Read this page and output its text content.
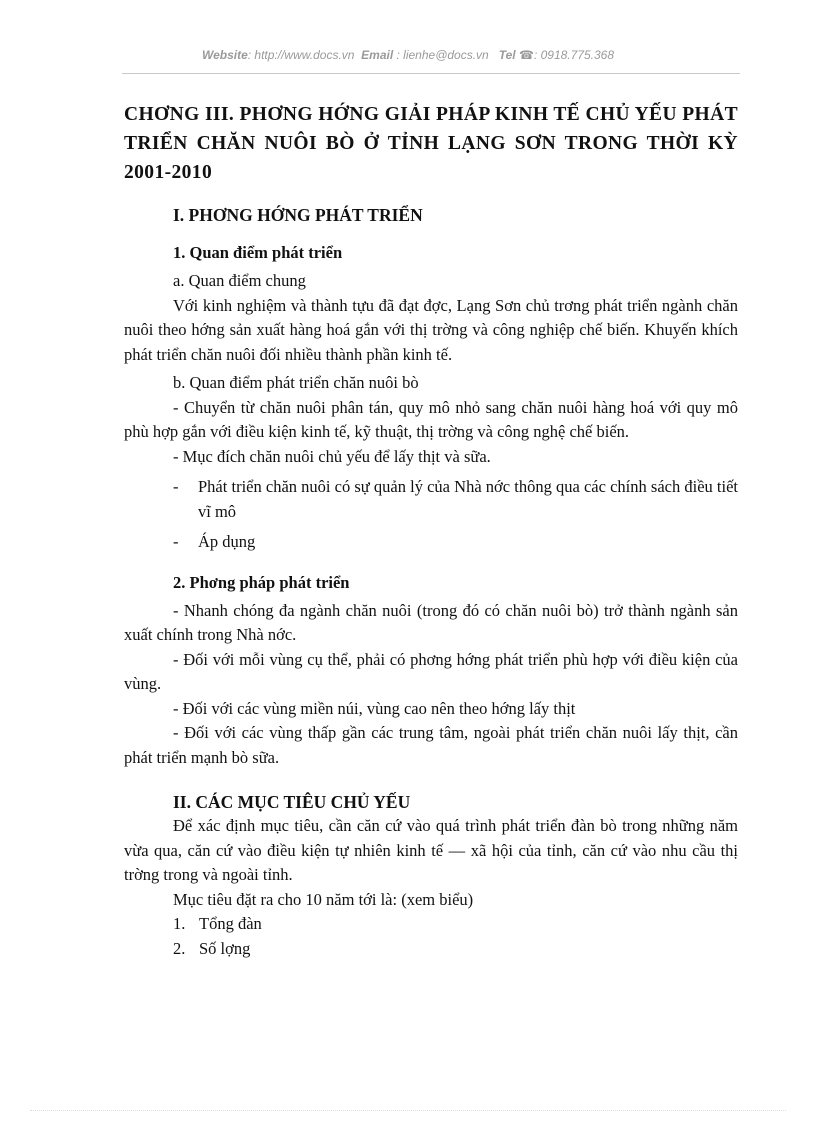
Website: http://www.docs.vn Email : lienhe@docs.vn Tel ☎: 0918.775.368

CHƠNG III. PHƠNG HỚNG GIẢI PHÁP KINH TẾ CHỦ YẾU PHÁT TRIỂN CHĂN NUÔI BÒ Ở TỈNH LẠNG SƠN TRONG THỜI KỲ 2001-2010

I. PHƠNG HỚNG PHÁT TRIỂN
1. Quan điểm phát triển

a. Quan điểm chung

Với kinh nghiệm và thành tựu đã đạt đợc, Lạng Sơn chủ trơng phát triển ngành chăn nuôi theo hớng sản xuất hàng hoá gắn với thị trờng và công nghiệp chế biến. Khuyến khích phát triển chăn nuôi đối nhiều thành phần kinh tế.

b. Quan điểm phát triển chăn nuôi bò

- Chuyển từ chăn nuôi phân tán, quy mô nhỏ sang chăn nuôi hàng hoá với quy mô phù hợp gắn với điều kiện kinh tế, kỹ thuật, thị trờng và công nghệ chế biến.

- Mục đích chăn nuôi chủ yếu để lấy thịt và sữa.

- Phát triển chăn nuôi có sự quản lý của Nhà nớc thông qua các chính sách điều tiết vĩ mô
- Áp dụng
2. Phơng pháp phát triển

- Nhanh chóng đa ngành chăn nuôi (trong đó có chăn nuôi bò) trở thành ngành sản xuất chính trong Nhà nớc.

- Đối với mỗi vùng cụ thể, phải có phơng hớng phát triển phù hợp với điều kiện của vùng.

- Đối với các vùng miền núi, vùng cao nên theo hớng lấy thịt

- Đối với các vùng thấp gần các trung tâm, ngoài phát triển chăn nuôi lấy thịt, cần phát triển mạnh bò sữa.

II. CÁC MỤC TIÊU CHỦ YẾU

Để xác định mục tiêu, cần căn cứ vào quá trình phát triển đàn bò trong những năm vừa qua, căn cứ vào điều kiện tự nhiên kinh tế — xã hội của tỉnh, căn cứ vào nhu cầu thị trờng trong và ngoài tỉnh.

Mục tiêu đặt ra cho 10 năm tới là: (xem biểu)

1. Tổng đàn
2. Số lợng
